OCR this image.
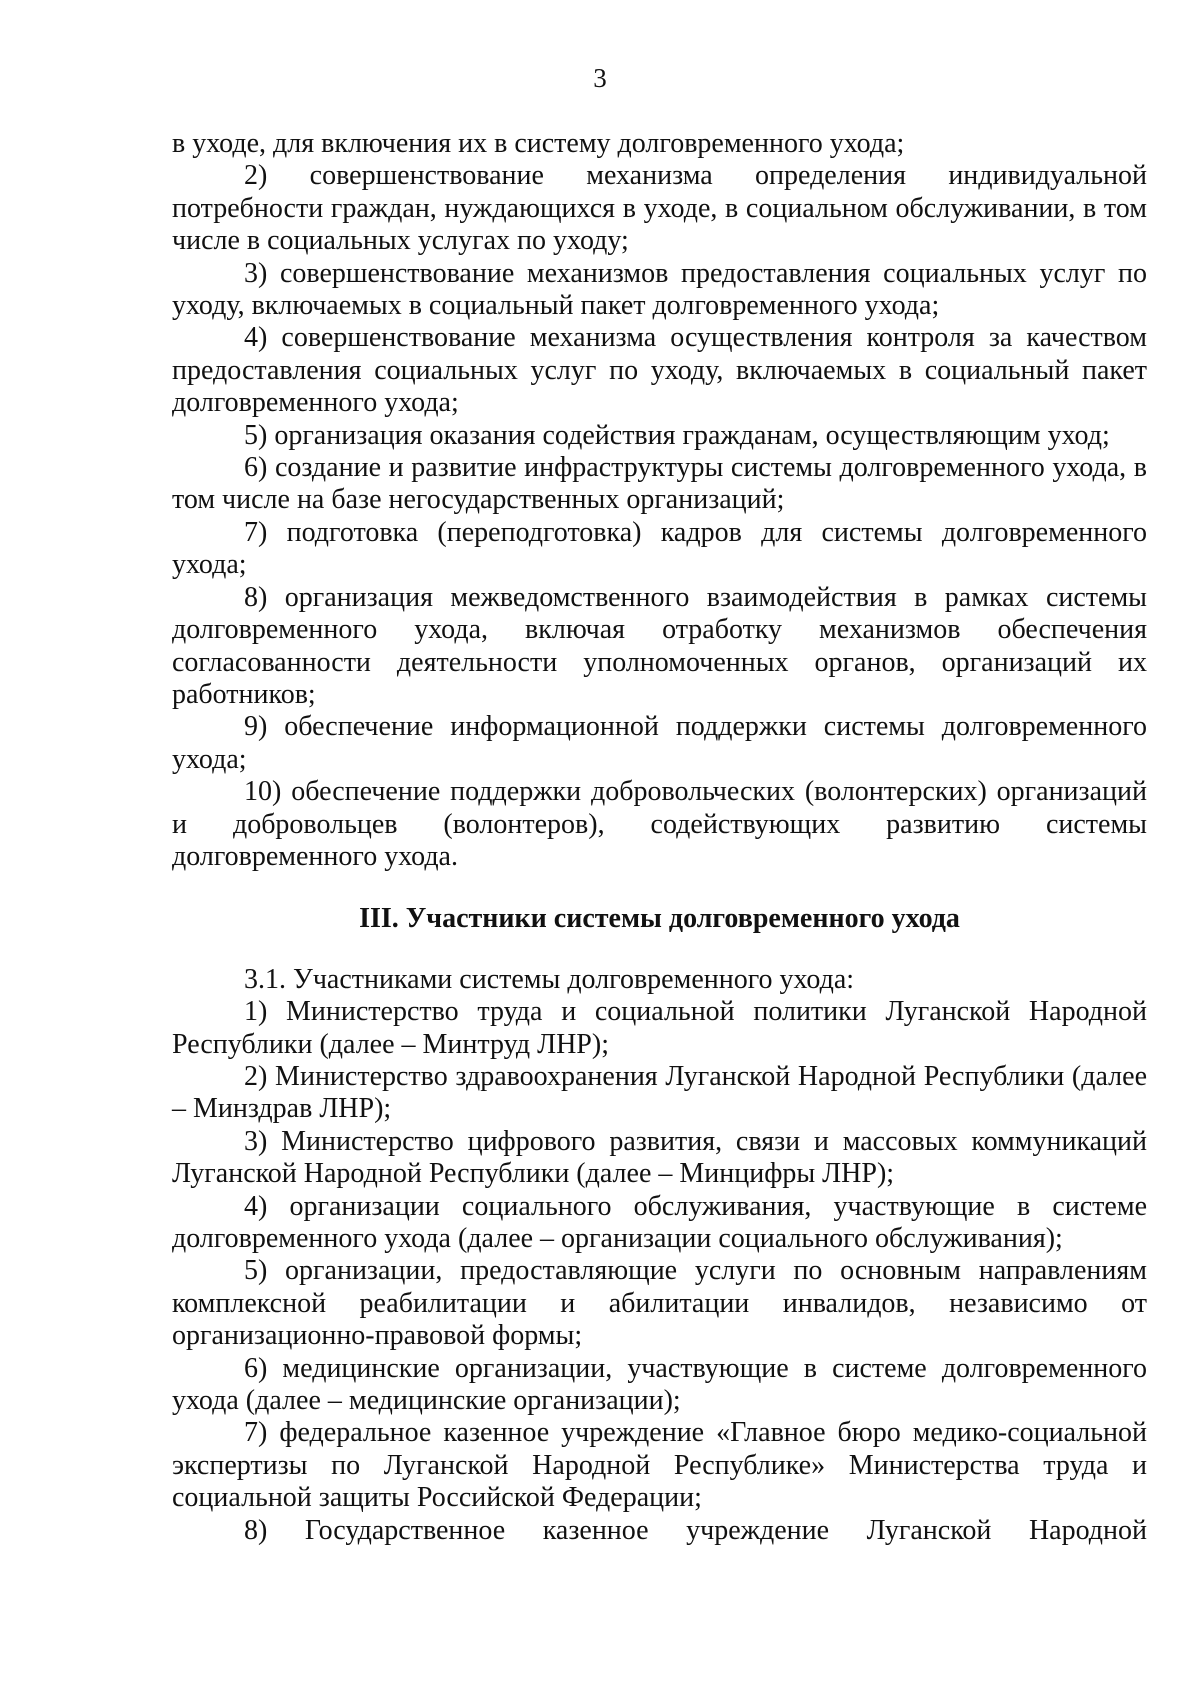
3

в уходе, для включения их в систему долговременного ухода;

2) совершенствование механизма определения индивидуальной потребности граждан, нуждающихся в уходе, в социальном обслуживании, в том числе в социальных услугах по уходу;

3) совершенствование механизмов предоставления социальных услуг по уходу, включаемых в социальный пакет долговременного ухода;

4) совершенствование механизма осуществления контроля за качеством предоставления социальных услуг по уходу, включаемых в социальный пакет долговременного ухода;

5) организация оказания содействия гражданам, осуществляющим уход;

6) создание и развитие инфраструктуры системы долговременного ухода, в том числе на базе негосударственных организаций;

7) подготовка (переподготовка) кадров для системы долговременного ухода;

8) организация межведомственного взаимодействия в рамках системы долговременного ухода, включая отработку механизмов обеспечения согласованности деятельности уполномоченных органов, организаций их работников;

9) обеспечение информационной поддержки системы долговременного ухода;

10) обеспечение поддержки добровольческих (волонтерских) организаций и добровольцев (волонтеров), содействующих развитию системы долговременного ухода.

III. Участники системы долговременного ухода

3.1. Участниками системы долговременного ухода:

1) Министерство труда и социальной политики Луганской Народной Республики (далее – Минтруд ЛНР);

2) Министерство здравоохранения Луганской Народной Республики (далее – Минздрав ЛНР);

3) Министерство цифрового развития, связи и массовых коммуникаций Луганской Народной Республики (далее – Минцифры ЛНР);

4) организации социального обслуживания, участвующие в системе долговременного ухода (далее – организации социального обслуживания);

5) организации, предоставляющие услуги по основным направлениям комплексной реабилитации и абилитации инвалидов, независимо от организационно-правовой формы;

6) медицинские организации, участвующие в системе долговременного ухода (далее – медицинские организации);

7) федеральное казенное учреждение «Главное бюро медико-социальной экспертизы по Луганской Народной Республике» Министерства труда и социальной защиты Российской Федерации;

8) Государственное казенное учреждение Луганской Народной
